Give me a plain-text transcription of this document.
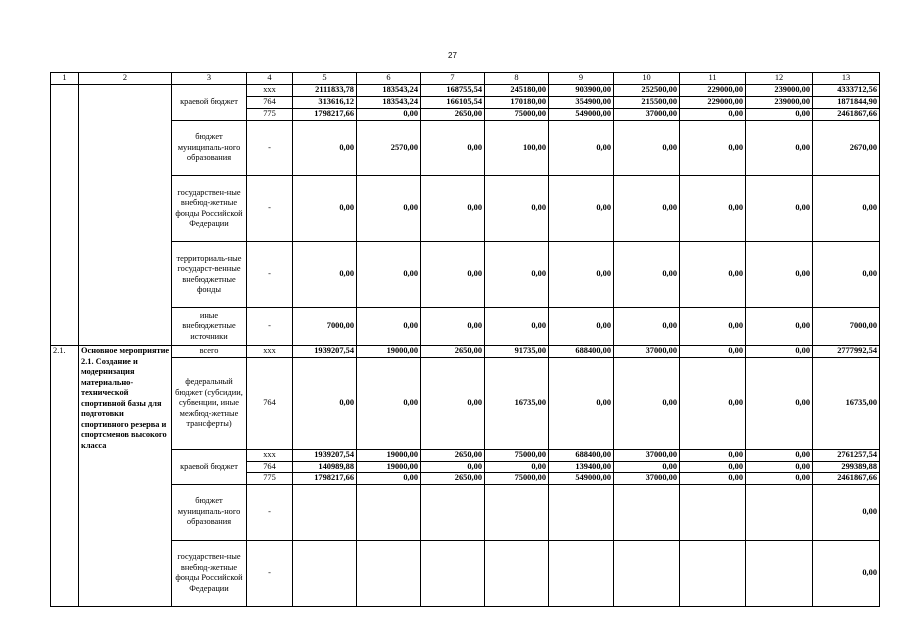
27
1	2	3	4	5	6	7	8	9	10	11	12	13
		краевой бюджет	ххх	2111833,78	183543,24	168755,54	245180,00	903900,00	252500,00	229000,00	239000,00	4333712,56
			764	313616,12	183543,24	166105,54	170180,00	354900,00	215500,00	229000,00	239000,00	1871844,90
			775	1798217,66	0,00	2650,00	75000,00	549000,00	37000,00	0,00	0,00	2461867,66
		бюджет муниципаль-ного образования	-	0,00	2570,00	0,00	100,00	0,00	0,00	0,00	0,00	2670,00
		государствен-ные внебюд-жетные фонды Российской Федерации	-	0,00	0,00	0,00	0,00	0,00	0,00	0,00	0,00	0,00
		территориаль-ные государст-венные внебюджетные фонды	-	0,00	0,00	0,00	0,00	0,00	0,00	0,00	0,00	0,00
		иные внебюджетные источники	-	7000,00	0,00	0,00	0,00	0,00	0,00	0,00	0,00	7000,00
2.1.	Основное мероприятие 2.1. Создание и модернизация материально-технической спортивной базы для подготовки спортивного резерва и спортсменов высокого класса	всего	ххх	1939207,54	19000,00	2650,00	91735,00	688400,00	37000,00	0,00	0,00	2777992,54
		федеральный бюджет (субсидии, субвенции, иные межбюд-жетные трансферты)	764	0,00	0,00	0,00	16735,00	0,00	0,00	0,00	0,00	16735,00
		краевой бюджет	ххх	1939207,54	19000,00	2650,00	75000,00	688400,00	37000,00	0,00	0,00	2761257,54
			764	140989,88	19000,00	0,00	0,00	139400,00	0,00	0,00	0,00	299389,88
			775	1798217,66	0,00	2650,00	75000,00	549000,00	37000,00	0,00	0,00	2461867,66
		бюджет муниципаль-ного образования	-									0,00
		государствен-ные внебюд-жетные фонды Российской Федерации	-									0,00
